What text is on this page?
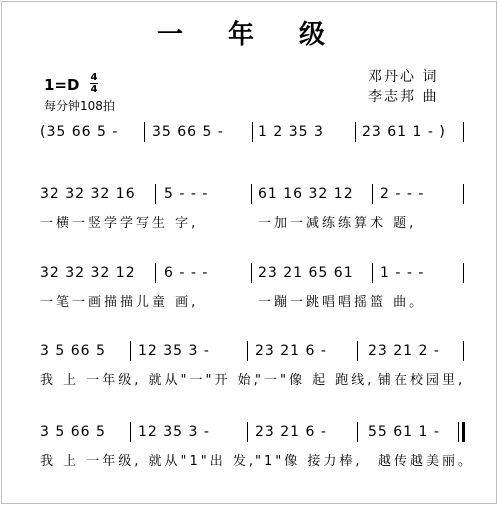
一 年 级
1=D 4
4
每分钟108拍
邓丹心 词
李志邦 曲
(35 66 5 - 35 66 5 - 1 2 35 3	23 61 1 - )
32 32 32 16 5 - - -	61 16 32 12 2 - - -
一横一竖学学写生 字,	一加一减练练算术 题,
32 32 32 12 6 - - -	23 21 65 61 1 - - -
一笔一画描描儿童 画,	一蹦一跳唱唱摇篮 曲。
3 5 66 5 12 35 3 -	23 21 6 -	23 21 2 -
我 上 一年级, 就从"一"开 始,
"一"像 起 跑线, 铺在校园里,
3 5 66 5 12 35 3 -	23 21 6 -	55 61 1 -
我 上 一年级, 就从"1"出 发,
"1"像 接力棒, 越传越美丽。
